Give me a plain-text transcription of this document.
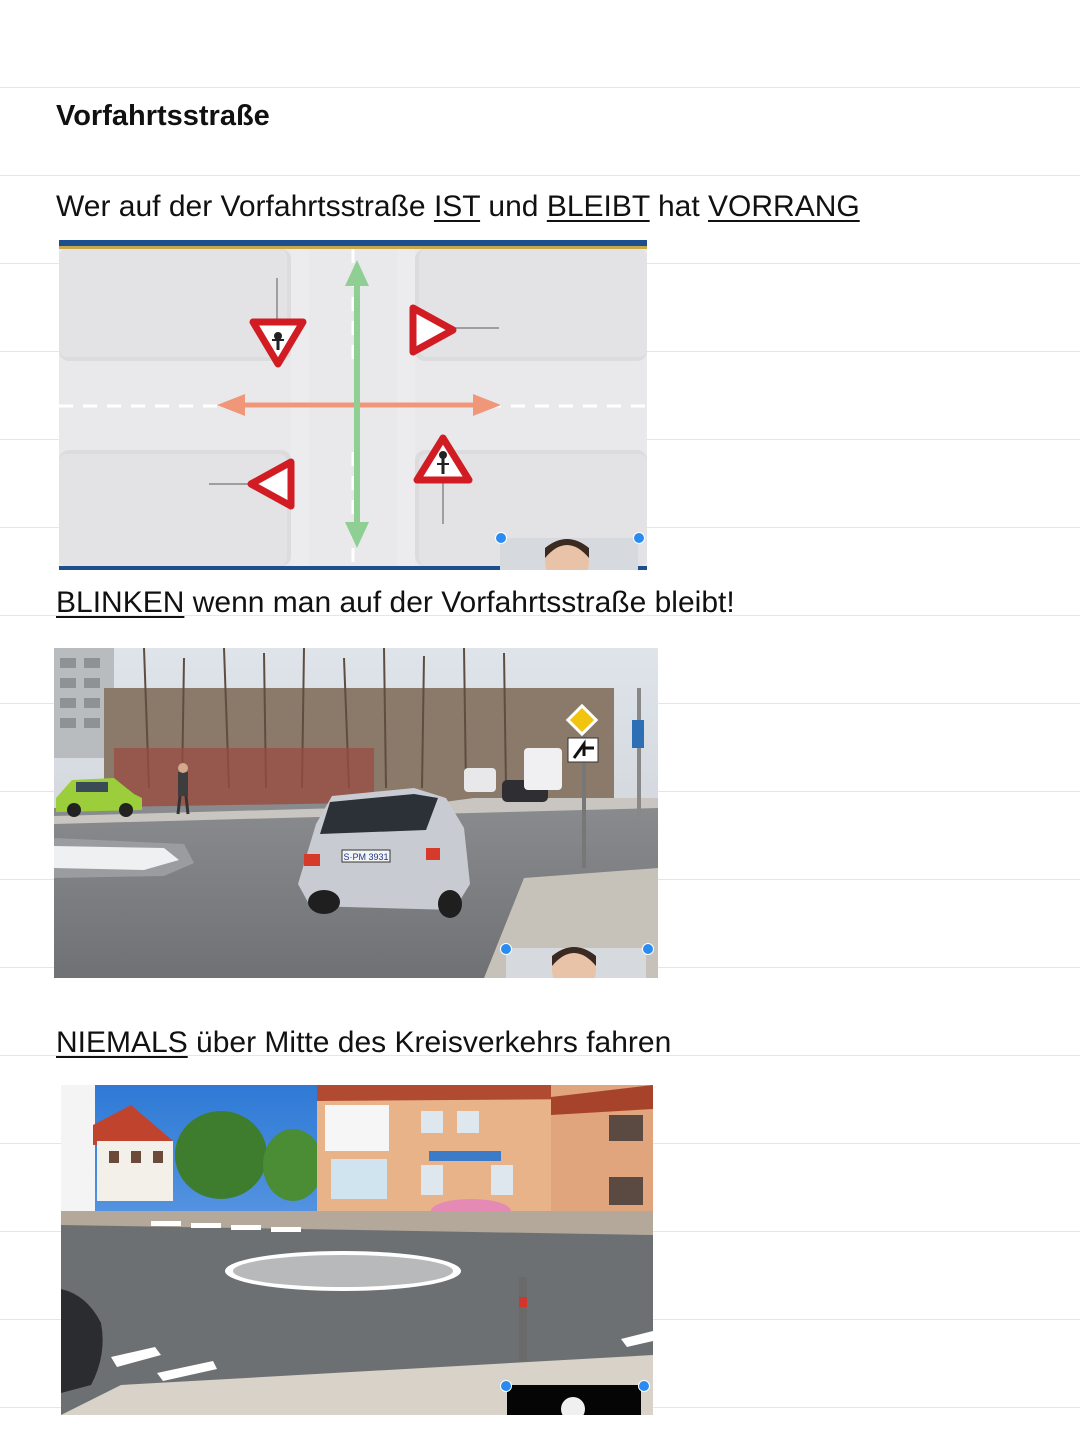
Vorfahrtsstraße

Wer auf der Vorfahrtsstraße IST und BLEIBT hat VORRANG

BLINKEN wenn man auf der Vorfahrtsstraße bleibt!

S·PM 3931

NIEMALS über Mitte des Kreisverkehrs fahren
